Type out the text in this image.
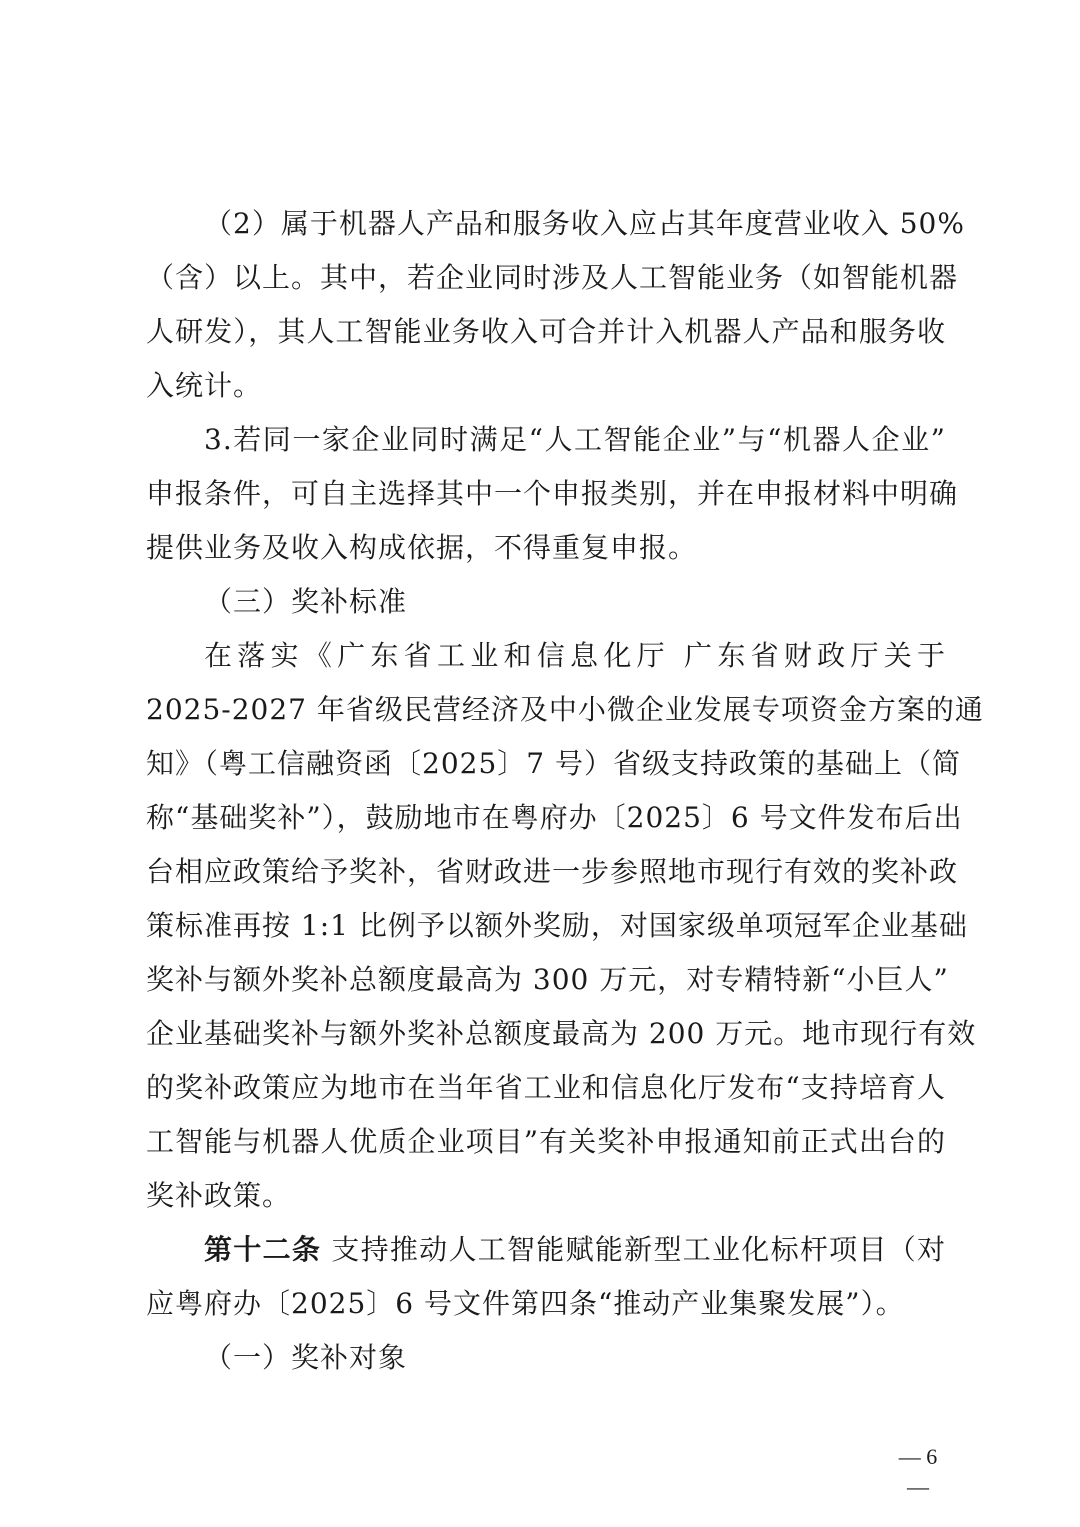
（2）属于机器人产品和服务收入应占其年度营业收入 50%
（含）以上。其中，若企业同时涉及人工智能业务（如智能机器
人研发），其人工智能业务收入可合并计入机器人产品和服务收
入统计。
3.若同一家企业同时满足“人工智能企业”与“机器人企业”
申报条件，可自主选择其中一个申报类别，并在申报材料中明确
提供业务及收入构成依据，不得重复申报。
（三）奖补标准
在落实《广东省工业和信息化厅 广东省财政厅关于
2025-2027 年省级民营经济及中小微企业发展专项资金方案的通
知》（粤工信融资函〔2025〕7 号）省级支持政策的基础上（简
称“基础奖补”），鼓励地市在粤府办〔2025〕6 号文件发布后出
台相应政策给予奖补，省财政进一步参照地市现行有效的奖补政
策标准再按 1:1 比例予以额外奖励，对国家级单项冠军企业基础
奖补与额外奖补总额度最高为 300 万元，对专精特新“小巨人”
企业基础奖补与额外奖补总额度最高为 200 万元。地市现行有效
的奖补政策应为地市在当年省工业和信息化厅发布“支持培育人
工智能与机器人优质企业项目”有关奖补申报通知前正式出台的
奖补政策。
第十二条 支持推动人工智能赋能新型工业化标杆项目（对
应粤府办〔2025〕6 号文件第四条“推动产业集聚发展”）。
（一）奖补对象
— 6 —
